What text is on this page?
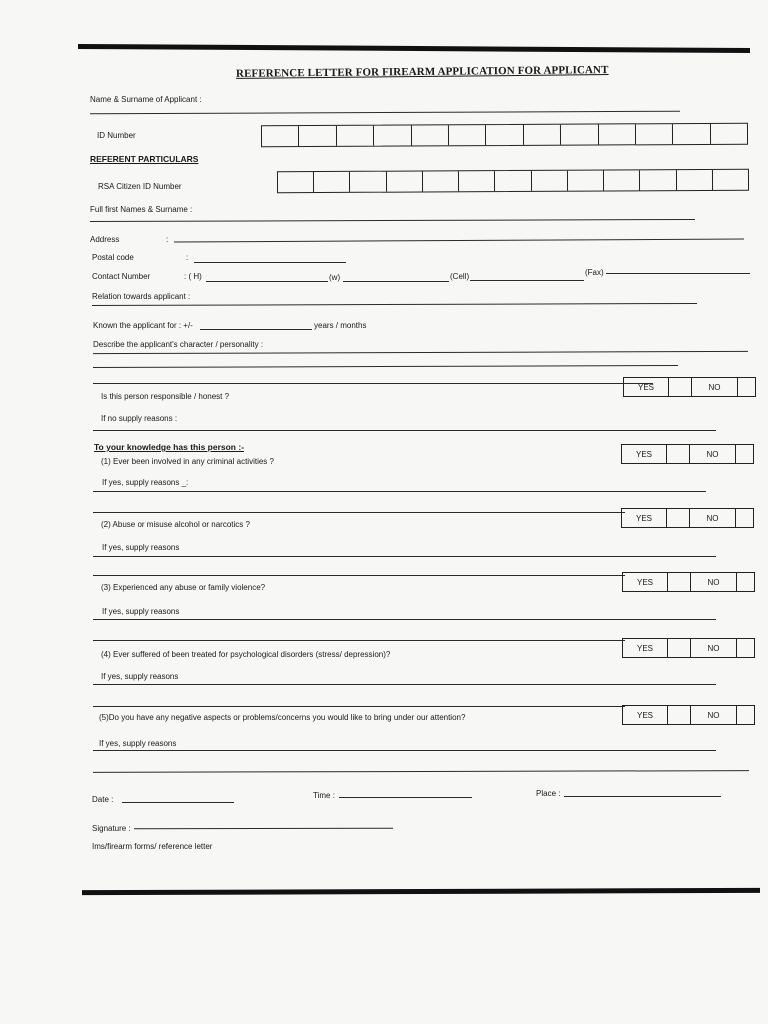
REFERENCE LETTER FOR FIREARM APPLICATION FOR APPLICANT
Name & Surname of Applicant :
ID Number
REFERENT PARTICULARS
RSA Citizen ID Number
Full first Names & Surname :
Address	:
Postal code	:
Contact Number	: ( H)	(w)	(Cell)	(Fax)
Relation towards applicant :
Known the applicant for : +/-	years / months
Describe the applicant's character / personality :
YES	NO
Is this person responsible / honest ?
If no supply reasons :
To your knowledge has this person :-
YES	NO
(1) Ever been involved in any criminal activities ?
If yes, supply reasons _:
YES	NO
(2) Abuse or misuse alcohol or narcotics ?
If yes, supply reasons
YES	NO
(3) Experienced any abuse or family violence?
If yes, supply reasons
YES	NO
(4) Ever suffered of been treated for psychological disorders (stress/ depression)?
If yes, supply reasons
YES	NO
(5)Do you have any negative aspects or problems/concerns you would like to bring under our attention?
If yes, supply reasons
Date :	Time :	Place :
Signature :
Ims/firearm forms/ reference letter
